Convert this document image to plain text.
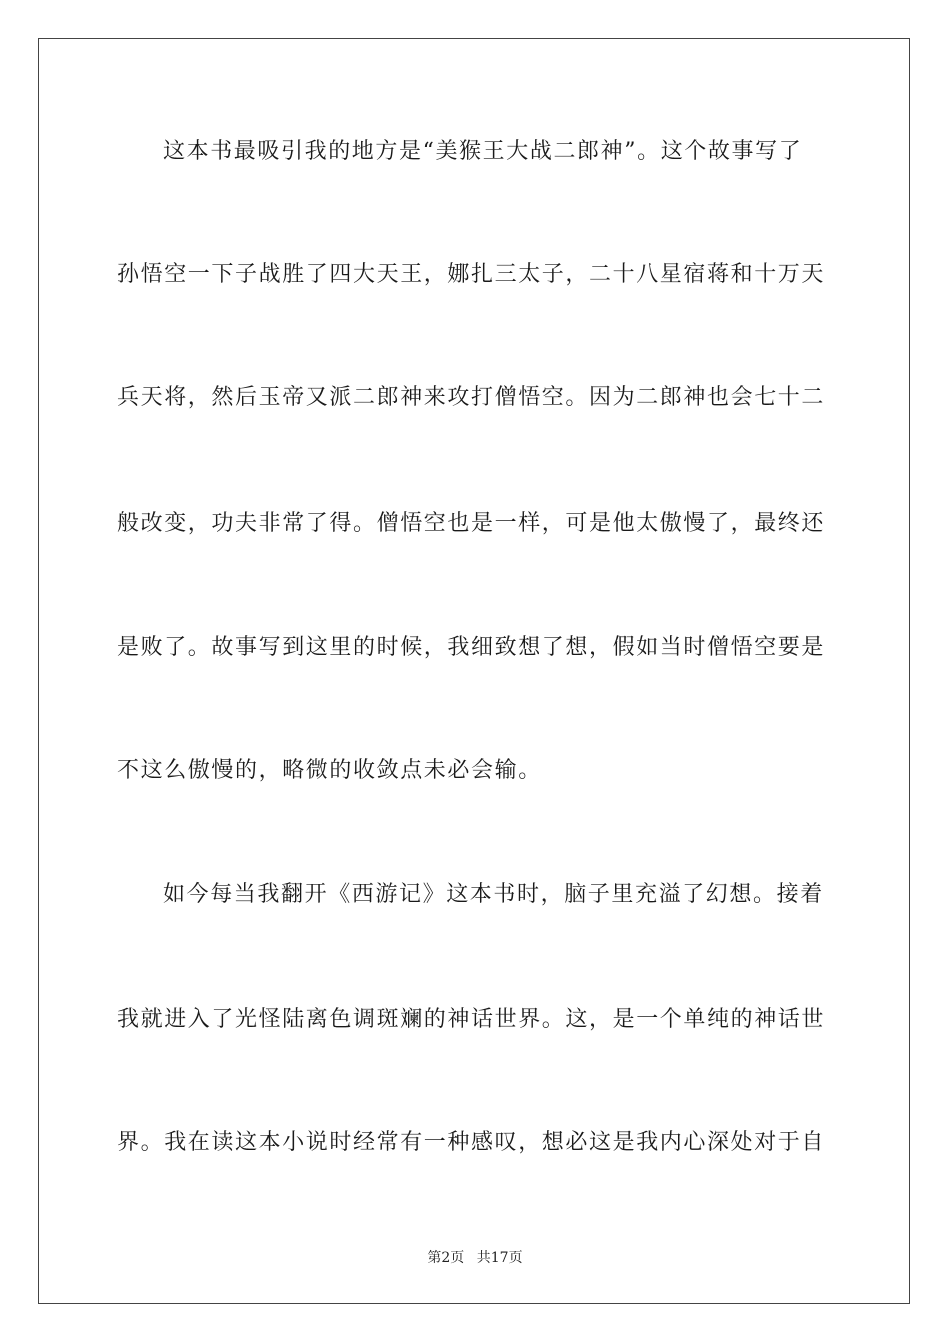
这本书最吸引我的地方是“美猴王大战二郎神”。这个故事写了
孙悟空一下子战胜了四大天王，娜扎三太子，二十八星宿蒋和十万天
兵天将，然后玉帝又派二郎神来攻打僧悟空。因为二郎神也会七十二
般改变，功夫非常了得。僧悟空也是一样，可是他太傲慢了，最终还
是败了。故事写到这里的时候，我细致想了想，假如当时僧悟空要是
不这么傲慢的，略微的收敛点未必会输。
如今每当我翻开《西游记》这本书时，脑子里充溢了幻想。接着
我就进入了光怪陆离色调斑斓的神话世界。这，是一个单纯的神话世
界。我在读这本小说时经常有一种感叹，想必这是我内心深处对于自
第2页 共17页
